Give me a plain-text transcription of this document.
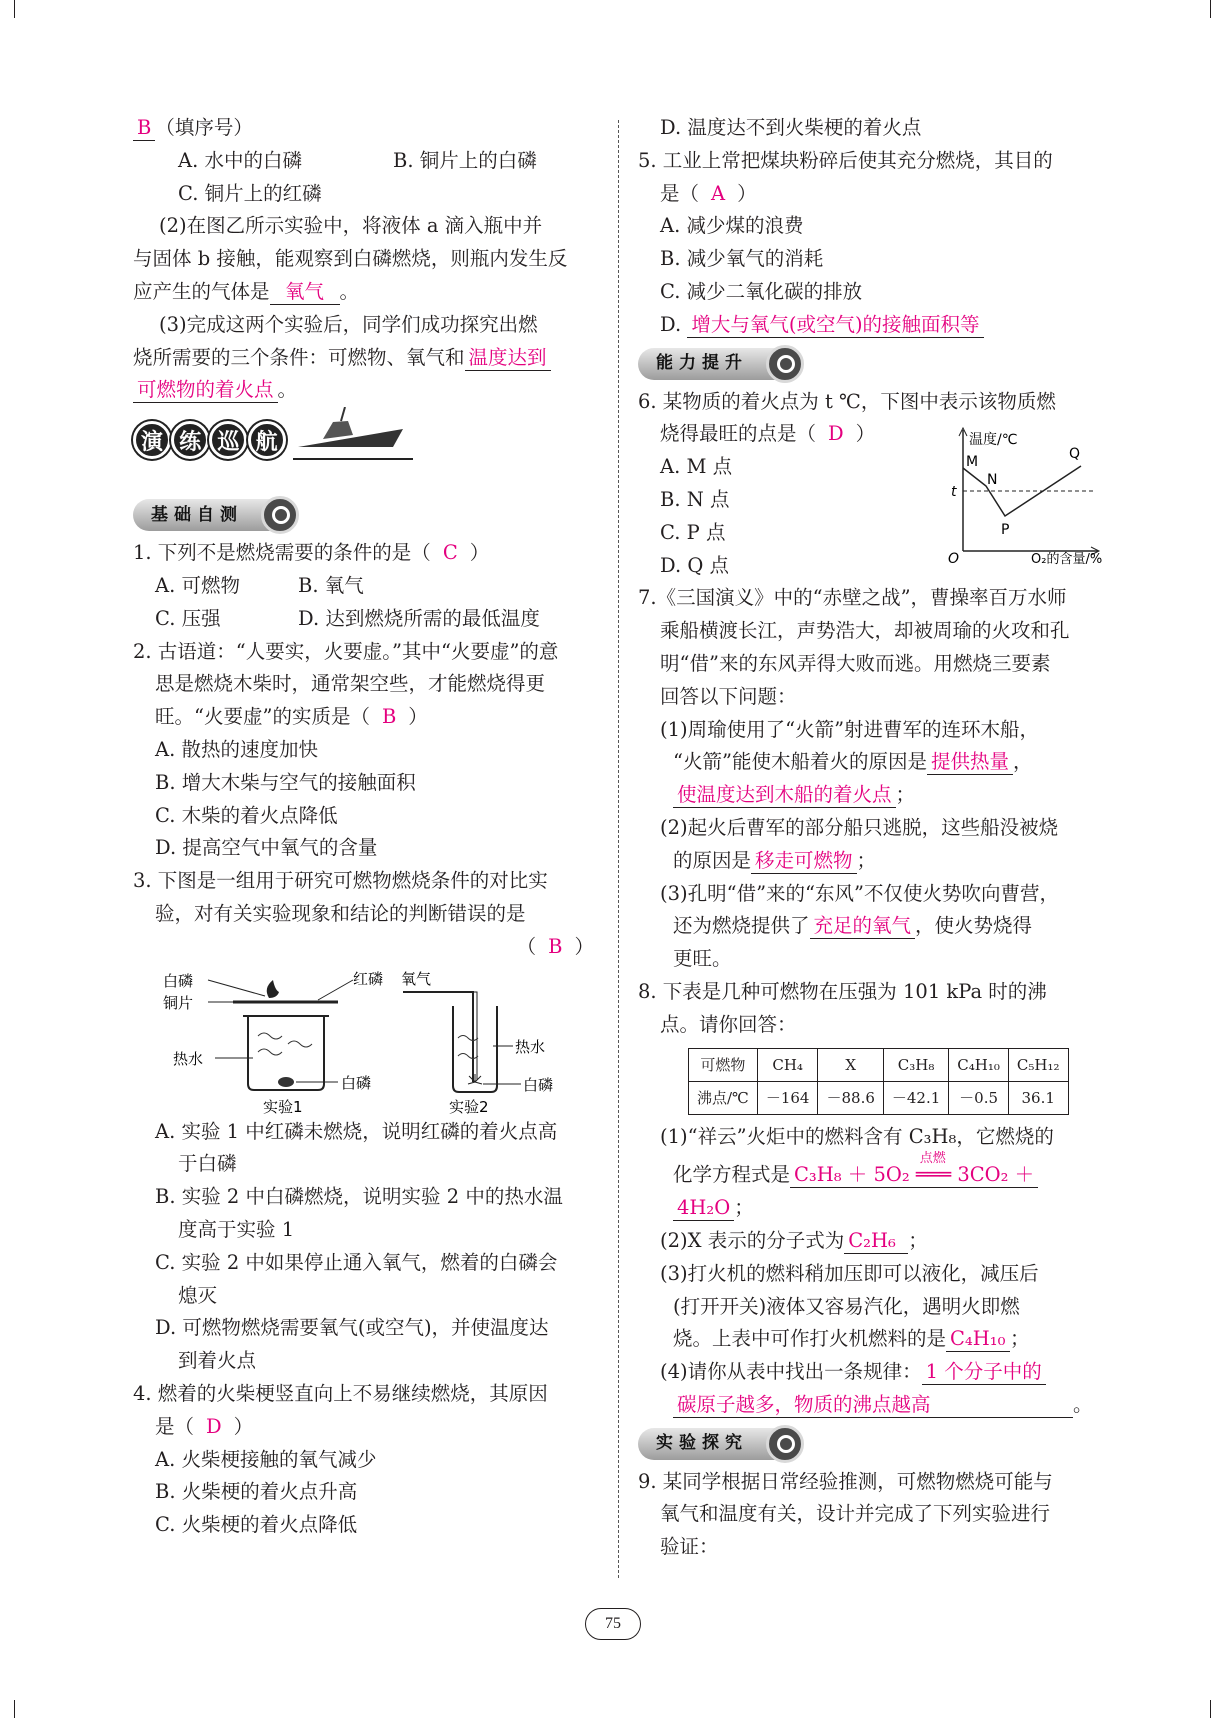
B （填序号）
A. 水中的白磷	B. 铜片上的白磷
C. 铜片上的红磷
(2)在图乙所示实验中，将液体 a 滴入瓶中并
与固体 b 接触，能观察到白磷燃烧，则瓶内发生反
应产生的气体是 氧气 。
(3)完成这两个实验后，同学们成功探究出燃
烧所需要的三个条件：可燃物、氧气和 温度达到
可燃物的着火点 。
演 练 巡 航
基础自测
1. 下列不是燃烧需要的条件的是（ C ）
A. 可燃物	B. 氧气
C. 压强	D. 达到燃烧所需的最低温度
2. 古语道：“人要实，火要虚。”其中“火要虚”的意
思是燃烧木柴时，通常架空些，才能燃烧得更
旺。“火要虚”的实质是（ B ）
A. 散热的速度加快
B. 增大木柴与空气的接触面积
C. 木柴的着火点降低
D. 提高空气中氧气的含量
3. 下图是一组用于研究可燃物燃烧条件的对比实
验，对有关实验现象和结论的判断错误的是
（ B ）
白磷
铜片
红磷
热水
白磷
实验1
氧气
热水
白磷
实验2
A. 实验 1 中红磷未燃烧，说明红磷的着火点高
于白磷
B. 实验 2 中白磷燃烧，说明实验 2 中的热水温
度高于实验 1
C. 实验 2 中如果停止通入氧气，燃着的白磷会
熄灭
D. 可燃物燃烧需要氧气(或空气)，并使温度达
到着火点
4. 燃着的火柴梗竖直向上不易继续燃烧，其原因
是（ D ）
A. 火柴梗接触的氧气减少
B. 火柴梗的着火点升高
C. 火柴梗的着火点降低
D. 温度达不到火柴梗的着火点
5. 工业上常把煤块粉碎后使其充分燃烧，其目的
是（ A ）
A. 减少煤的浪费
B. 减少氧气的消耗
C. 减少二氧化碳的排放
D. 增大与氧气(或空气)的接触面积等
能力提升
6. 某物质的着火点为 t ℃，下图中表示该物质燃
烧得最旺的点是（ D ）
A. M 点
B. N 点
C. P 点
D. Q 点
温度/℃
O₂的含量/%
O
t
M
N
P
Q
7.《三国演义》中的“赤壁之战”，曹操率百万水师
乘船横渡长江，声势浩大，却被周瑜的火攻和孔
明“借”来的东风弄得大败而逃。用燃烧三要素
回答以下问题：
(1)周瑜使用了“火箭”射进曹军的连环木船，
“火箭”能使木船着火的原因是 提供热量 ，
使温度达到木船的着火点 ；
(2)起火后曹军的部分船只逃脱，这些船没被烧
的原因是 移走可燃物 ；
(3)孔明“借”来的“东风”不仅使火势吹向曹营，
还为燃烧提供了 充足的氧气 ，使火势烧得
更旺。
8. 下表是几种可燃物在压强为 101 kPa 时的沸
点。请你回答：
可燃物	CH₄	X	C₃H₈	C₄H₁₀	C₅H₁₂
沸点/℃	－164	－88.6	－42.1	－0.5	36.1
(1)“祥云”火炬中的燃料含有 C₃H₈，它燃烧的
化学方程式是 C₃H₈ ＋ 5O₂
点燃
═══ 3CO₂ ＋
4H₂O ；
(2)X 表示的分子式为 C₂H₆ ；
(3)打火机的燃料稍加压即可以液化，减压后
(打开开关)液体又容易汽化，遇明火即燃
烧。上表中可作打火机燃料的是 C₄H₁₀ ；
(4)请你从表中找出一条规律： 1 个分子中的
碳原子越多，物质的沸点越高	。
实验探究
9. 某同学根据日常经验推测，可燃物燃烧可能与
氧气和温度有关，设计并完成了下列实验进行
验证：
75
